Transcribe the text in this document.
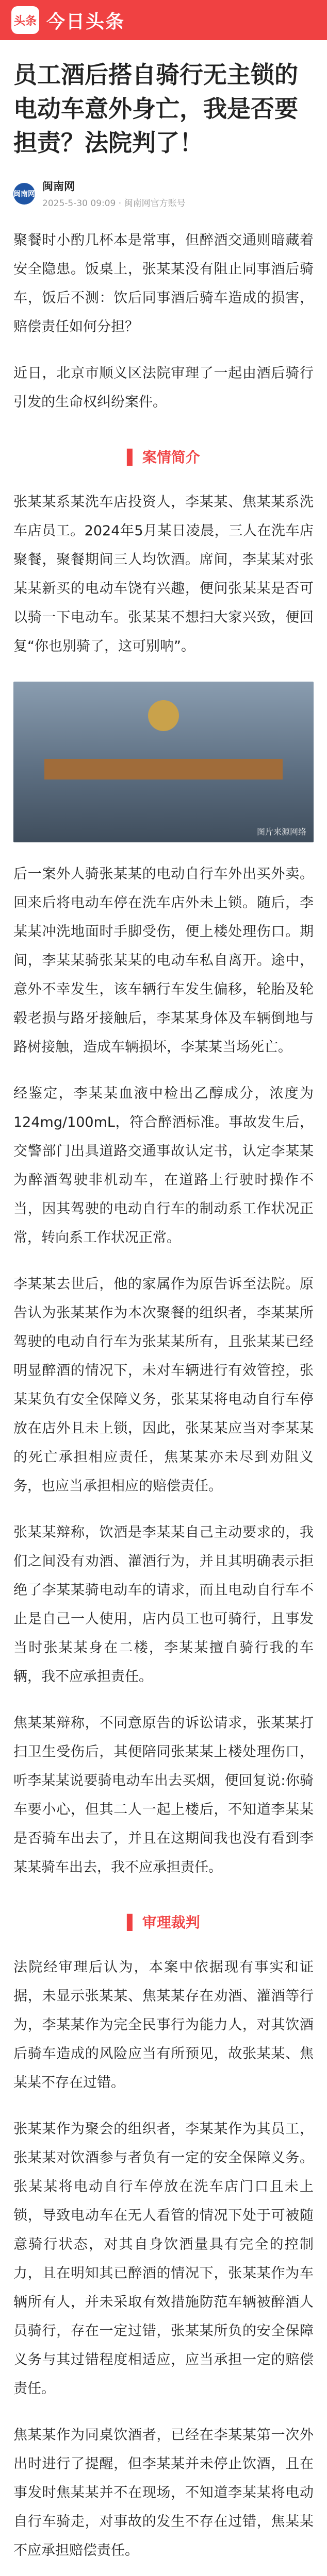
头条 今日头条
员工酒后搭自骑行无主锁的电动车意外身亡，我是否要担责？法院判了！
闽南网
闽南网
2025-5-30 09:09 · 闽南网官方账号

聚餐时小酌几杯本是常事，但醉酒交通则暗藏着安全隐患。饭桌上，张某某没有阻止同事酒后骑车，饭后不测：饮后同事酒后骑车造成的损害，赔偿责任如何分担？

近日，北京市顺义区法院审理了一起由酒后骑行引发的生命权纠纷案件。

▌ 案情简介

张某某系某洗车店投资人，李某某、焦某某系洗车店员工。2024年5月某日凌晨，三人在洗车店聚餐，聚餐期间三人均饮酒。席间，李某某对张某某新买的电动车饶有兴趣，便问张某某是否可以骑一下电动车。张某某不想扫大家兴致，便回复“你也别骑了，这可别呐”。

图片来源网络

后一案外人骑张某某的电动自行车外出买外卖。回来后将电动车停在洗车店外未上锁。随后，李某某冲洗地面时手脚受伤，便上楼处理伤口。期间，李某某骑张某某的电动车私自离开。途中，意外不幸发生，该车辆行车发生偏移，轮胎及轮毂老损与路牙接触后，李某某身体及车辆倒地与路树接触，造成车辆损坏，李某某当场死亡。

经鉴定，李某某血液中检出乙醇成分，浓度为124mg/100mL，符合醉酒标准。事故发生后，交警部门出具道路交通事故认定书，认定李某某为醉酒驾驶非机动车，在道路上行驶时操作不当，因其驾驶的电动自行车的制动系工作状况正常，转向系工作状况正常。

李某某去世后，他的家属作为原告诉至法院。原告认为张某某作为本次聚餐的组织者，李某某所驾驶的电动自行车为张某某所有，且张某某已经明显醉酒的情况下，未对车辆进行有效管控，张某某负有安全保障义务，张某某将电动自行车停放在店外且未上锁，因此，张某某应当对李某某的死亡承担相应责任，焦某某亦未尽到劝阻义务，也应当承担相应的赔偿责任。

张某某辩称，饮酒是李某某自己主动要求的，我们之间没有劝酒、灌酒行为，并且其明确表示拒绝了李某某骑电动车的请求，而且电动自行车不止是自己一人使用，店内员工也可骑行，且事发当时张某某身在二楼，李某某擅自骑行我的车辆，我不应承担责任。

焦某某辩称，不同意原告的诉讼请求，张某某打扫卫生受伤后，其便陪同张某某上楼处理伤口，听李某某说要骑电动车出去买烟，便回复说:你骑车要小心，但其二人一起上楼后，不知道李某某是否骑车出去了，并且在这期间我也没有看到李某某骑车出去，我不应承担责任。

▌ 审理裁判

法院经审理后认为，本案中依据现有事实和证据，未显示张某某、焦某某存在劝酒、灌酒等行为，李某某作为完全民事行为能力人，对其饮酒后骑车造成的风险应当有所预见，故张某某、焦某某不存在过错。

张某某作为聚会的组织者，李某某作为其员工，张某某对饮酒参与者负有一定的安全保障义务。张某某将电动自行车停放在洗车店门口且未上锁，导致电动车在无人看管的情况下处于可被随意骑行状态，对其自身饮酒量具有完全的控制力，且在明知其已醉酒的情况下，张某某作为车辆所有人，并未采取有效措施防范车辆被醉酒人员骑行，存在一定过错，张某某所负的安全保障义务与其过错程度相适应，应当承担一定的赔偿责任。

焦某某作为同桌饮酒者，已经在李某某第一次外出时进行了提醒，但李某某并未停止饮酒，且在事发时焦某某并不在现场，不知道李某某将电动自行车骑走，对事故的发生不存在过错，焦某某不应承担赔偿责任。
